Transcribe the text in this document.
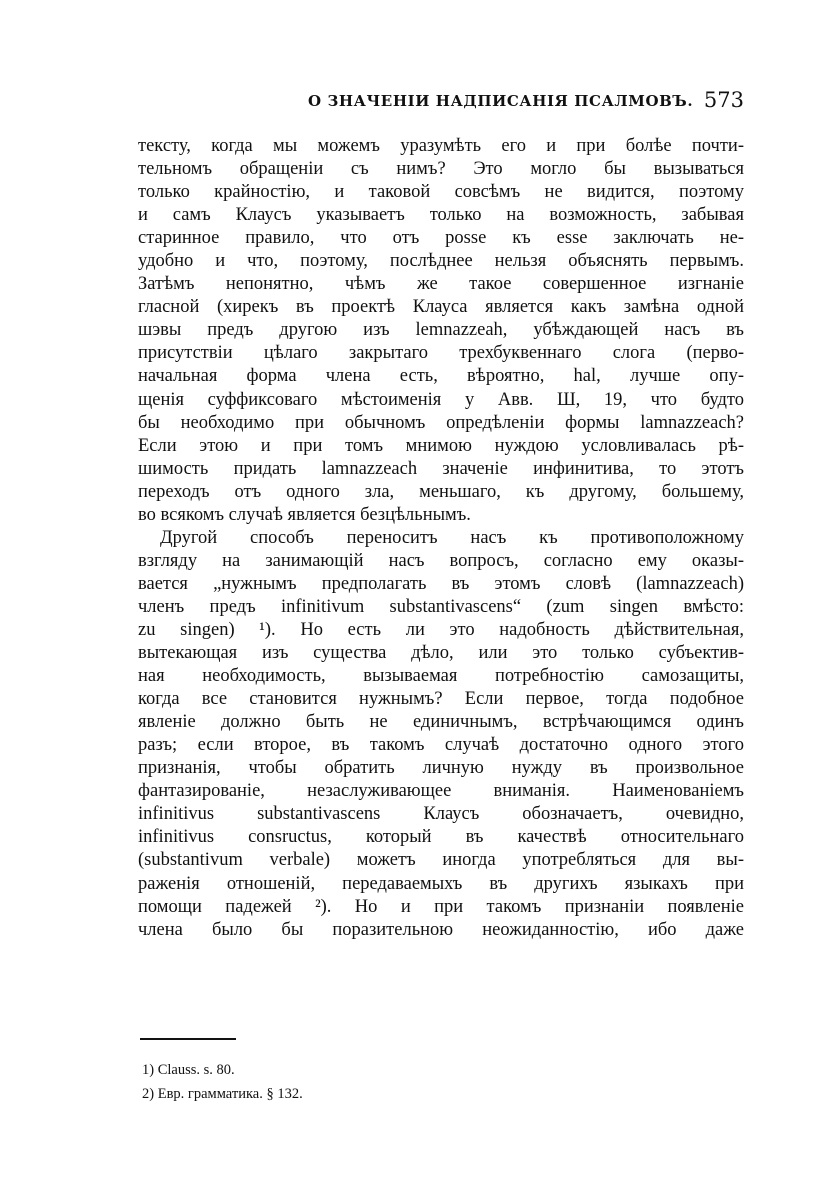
О ЗНАЧЕНІИ НАДПИСАНІЯ ПСАЛМОВЪ. 573
тексту, когда мы можемъ уразумѣть его и при болѣе почти-
тельномъ обращеніи съ нимъ? Это могло бы вызываться
только крайностію, и таковой совсѣмъ не видится, поэтому
и самъ Клаусъ указываетъ только на возможность, забывая
старинное правило, что отъ posse къ esse заключать не-
удобно и что, поэтому, послѣднее нельзя объяснять первымъ.
Затѣмъ непонятно, чѣмъ же такое совершенное изгнаніе
гласной (хирекъ въ проектѣ Клауса является какъ замѣна одной
шэвы предъ другою изъ lemnazzeah, убѣждающей насъ въ
присутствіи цѣлаго закрытаго трехбуквеннаго слога (перво-
начальная форма члена есть, вѣроятно, hal, лучше опу-
щенія суффиксоваго мѣстоименія у Авв. Ш, 19, что будто
бы необходимо при обычномъ опредѣленіи формы lamnazzeach?
Если этою и при томъ мнимою нуждою условливалась рѣ-
шимость придать lamnazzeach значеніе инфинитива, то этотъ
переходъ отъ одного зла, меньшаго, къ другому, большему,
во всякомъ случаѣ является безцѣльнымъ.
Другой способъ переноситъ насъ къ противоположному
взгляду на занимающій насъ вопросъ, согласно ему оказы-
вается „нужнымъ предполагать въ этомъ словѣ (lamnazzeach)
членъ предъ infinitivum substantivascens“ (zum singen вмѣсто:
zu singen) ¹). Но есть ли это надобность дѣйствительная,
вытекающая изъ существа дѣло, или это только субъектив-
ная необходимость, вызываемая потребностію самозащиты,
когда все становится нужнымъ? Если первое, тогда подобное
явленіе должно быть не единичнымъ, встрѣчающимся одинъ
разъ; если второе, въ такомъ случаѣ достаточно одного этого
признанія, чтобы обратить личную нужду въ произвольное
фантазированіе, незаслуживающее вниманія. Наименованіемъ
infinitivus substantivascens Клаусъ обозначаетъ, очевидно,
infinitivus consructus, который въ качествѣ относительнаго
(substantivum verbale) можетъ иногда употребляться для вы-
раженія отношеній, передаваемыхъ въ другихъ языкахъ при
помощи падежей ²). Но и при такомъ признаніи появленіе
члена было бы поразительною неожиданностію, ибо даже
1) Clauss. s. 80.
2) Евр. грамматика. § 132.
